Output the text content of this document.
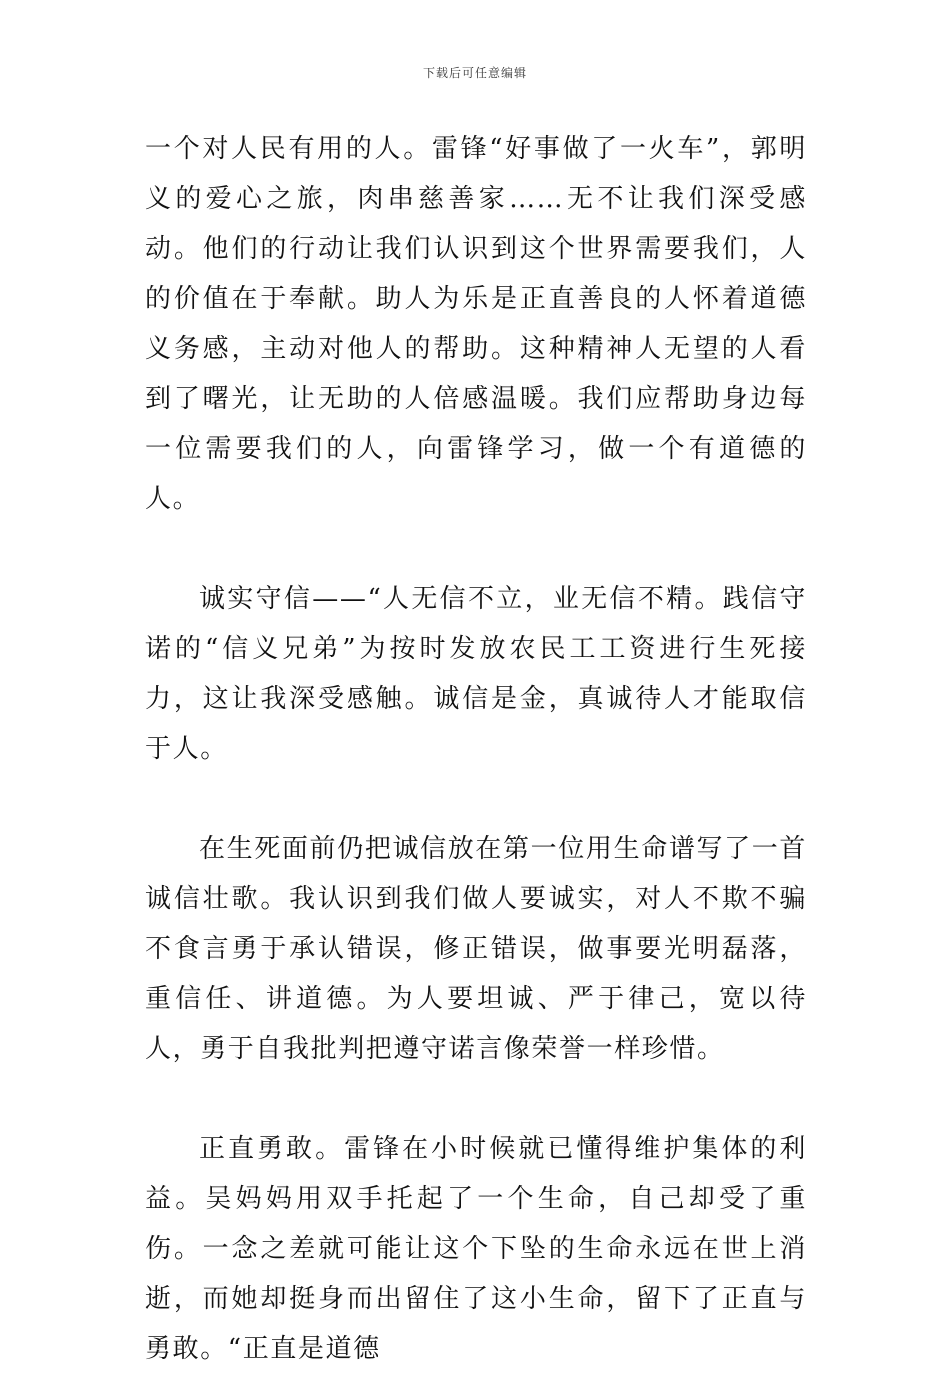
下载后可任意编辑

一个对人民有用的人。雷锋“好事做了一火车”，郭明义的爱心之旅，肉串慈善家……无不让我们深受感动。他们的行动让我们认识到这个世界需要我们，人的价值在于奉献。助人为乐是正直善良的人怀着道德义务感，主动对他人的帮助。这种精神人无望的人看到了曙光，让无助的人倍感温暖。我们应帮助身边每一位需要我们的人，向雷锋学习，做一个有道德的人。

诚实守信——“人无信不立，业无信不精。践信守诺的“信义兄弟”为按时发放农民工工资进行生死接力，这让我深受感触。诚信是金，真诚待人才能取信于人。

在生死面前仍把诚信放在第一位用生命谱写了一首诚信壮歌。我认识到我们做人要诚实，对人不欺不骗不食言勇于承认错误，修正错误，做事要光明磊落，重信任、讲道德。为人要坦诚、严于律己，宽以待人，勇于自我批判把遵守诺言像荣誉一样珍惜。

正直勇敢。雷锋在小时候就已懂得维护集体的利益。吴妈妈用双手托起了一个生命，自己却受了重伤。一念之差就可能让这个下坠的生命永远在世上消逝，而她却挺身而出留住了这小生命，留下了正直与勇敢。“正直是道德
